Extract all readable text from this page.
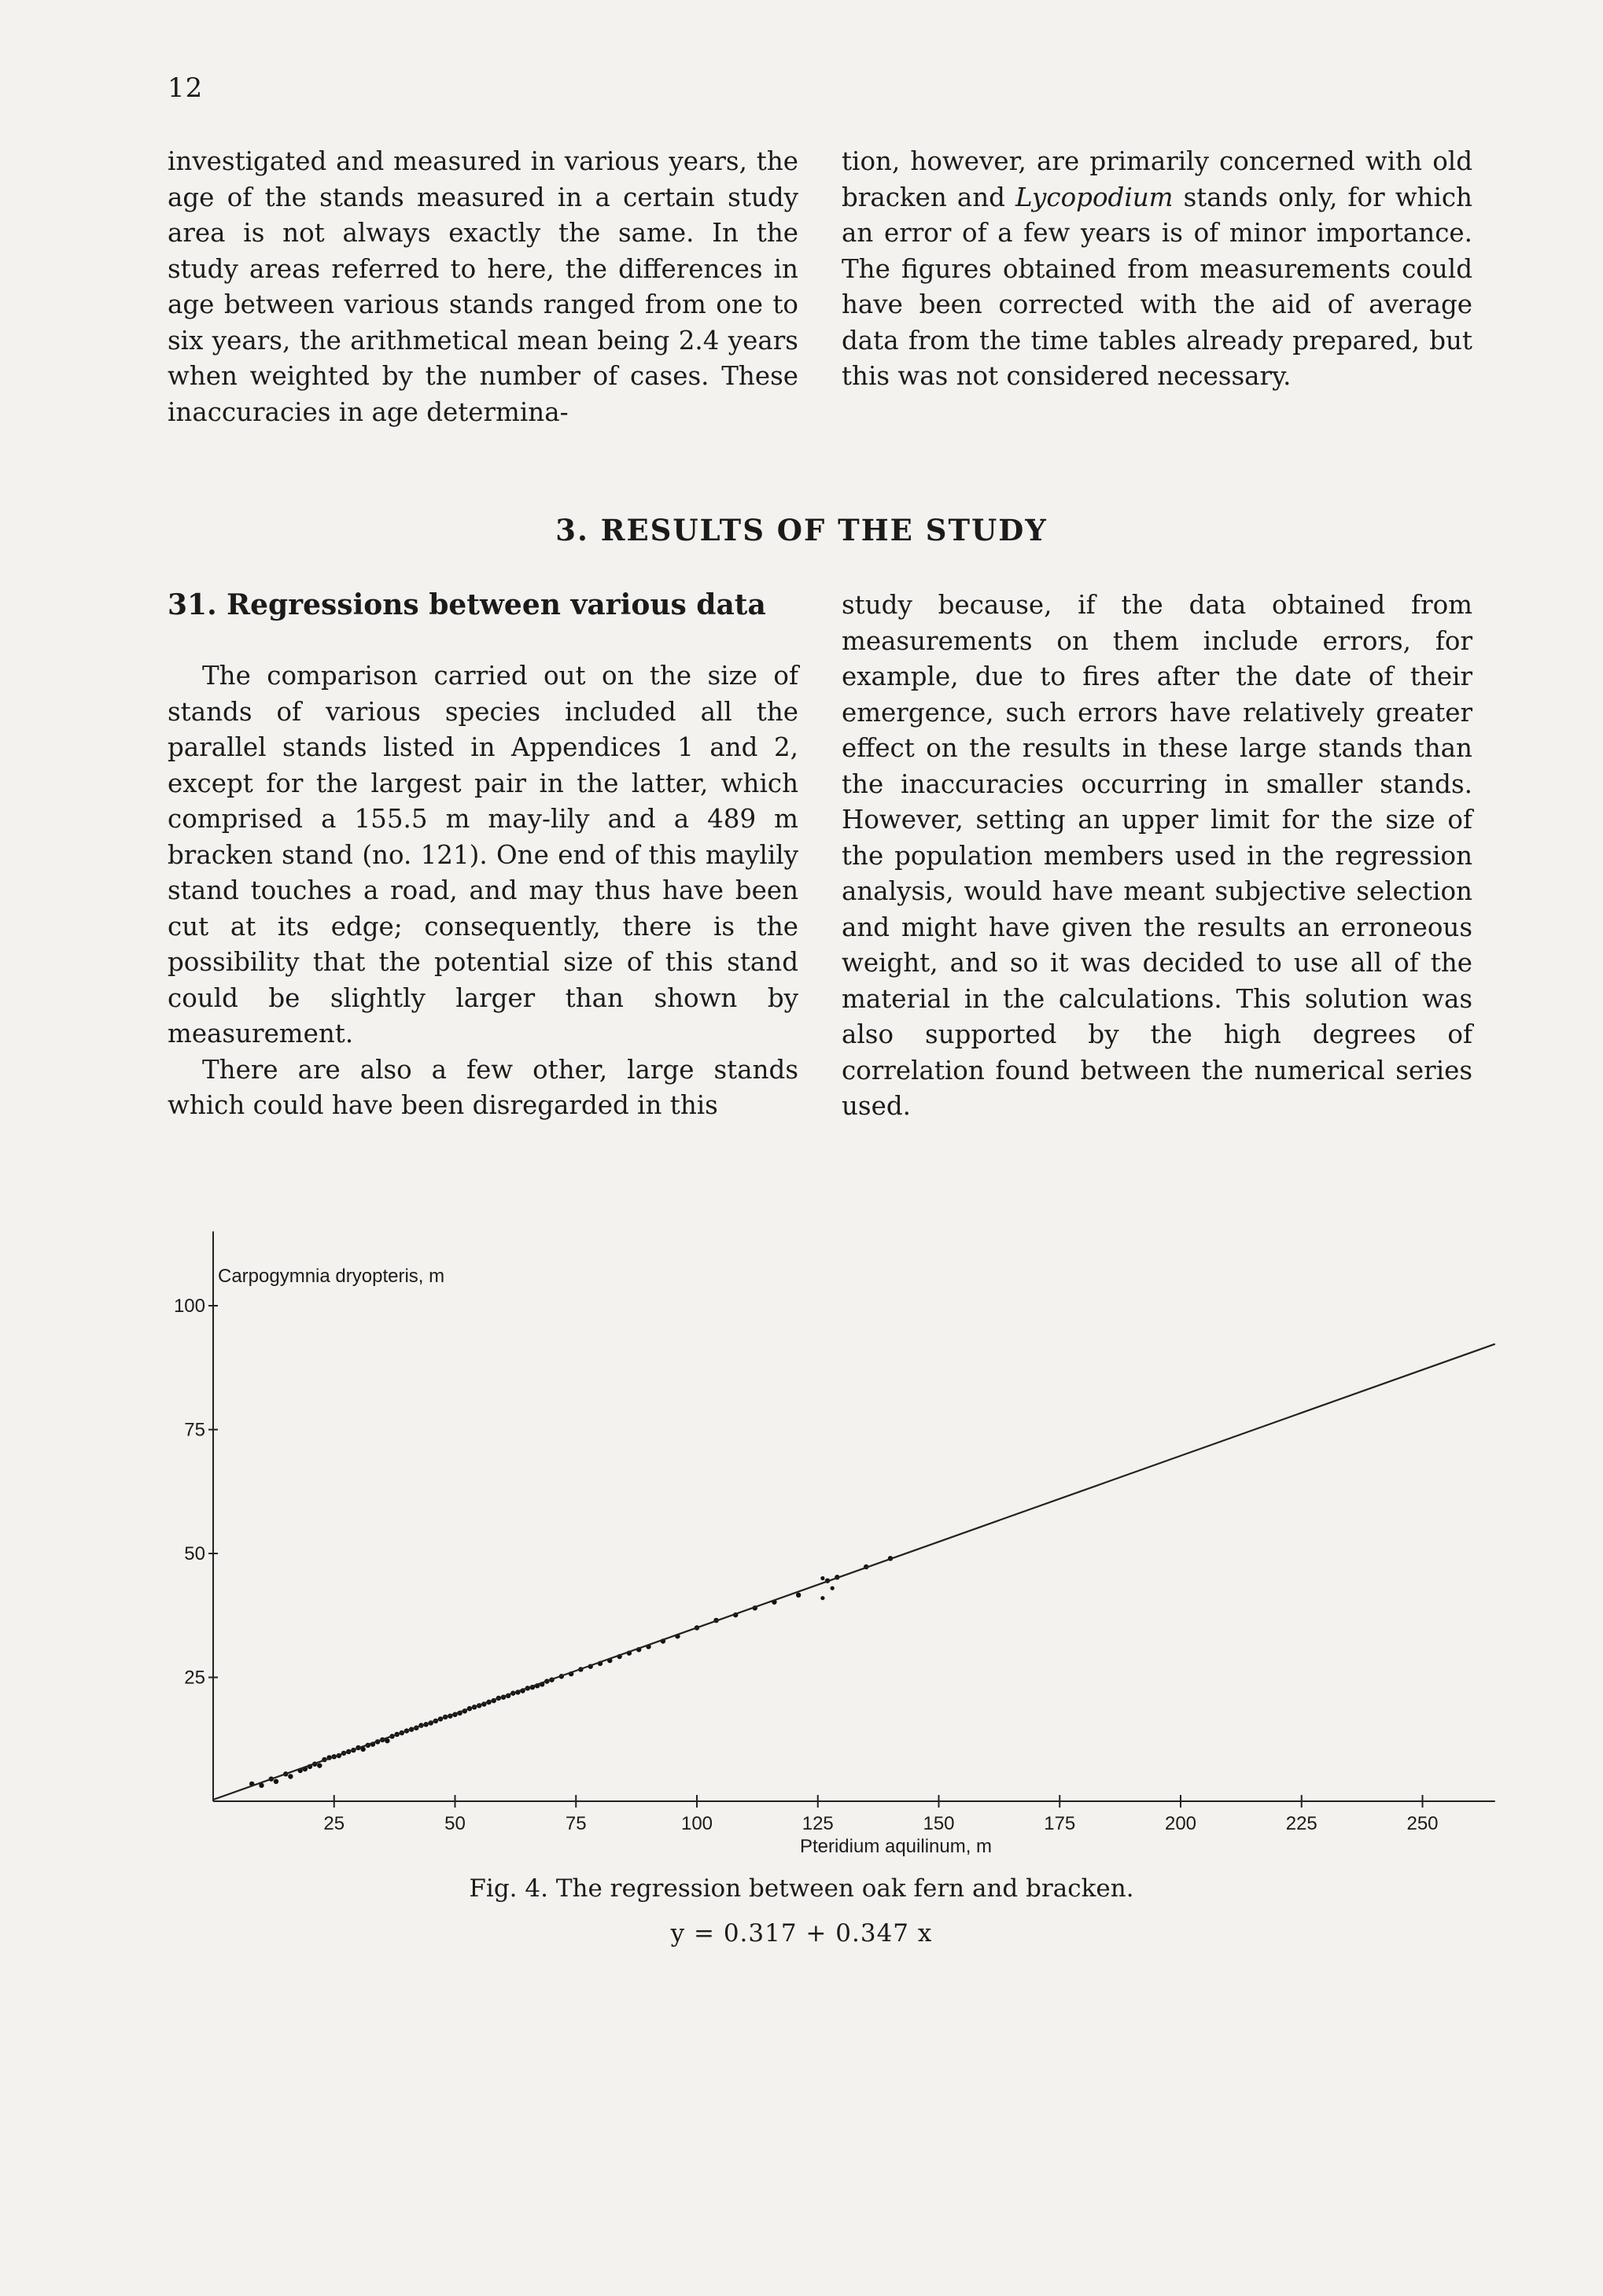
12

investigated and measured in various years, the age of the stands measured in a certain study area is not always exactly the same. In the study areas referred to here, the differences in age between various stands ranged from one to six years, the arithmetical mean being 2.4 years when weighted by the number of cases. These inaccuracies in age determina-

tion, however, are primarily concerned with old bracken and Lycopodium stands only, for which an error of a few years is of minor importance. The figures obtained from measurements could have been corrected with the aid of average data from the time tables already prepared, but this was not considered necessary.

3. RESULTS OF THE STUDY
31. Regressions between various data

The comparison carried out on the size of stands of various species included all the parallel stands listed in Appendices 1 and 2, except for the largest pair in the latter, which comprised a 155.5 m may-lily and a 489 m bracken stand (no. 121). One end of this maylily stand touches a road, and may thus have been cut at its edge; consequently, there is the possibility that the potential size of this stand could be slightly larger than shown by measurement.

There are also a few other, large stands which could have been disregarded in this

study because, if the data obtained from measurements on them include errors, for example, due to fires after the date of their emergence, such errors have relatively greater effect on the results in these large stands than the inaccuracies occurring in smaller stands. However, setting an upper limit for the size of the population members used in the regression analysis, would have meant subjective selection and might have given the results an erroneous weight, and so it was decided to use all of the material in the calculations. This solution was also supported by the high degrees of correlation found between the numerical series used.

25	50	75	100	125	150	175	200	225	250
25
50
75
100
Carpogymnia dryopteris, m
Pteridium aquilinum, m
Fig. 4. The regression between oak fern and bracken.
y = 0.317 + 0.347 x
